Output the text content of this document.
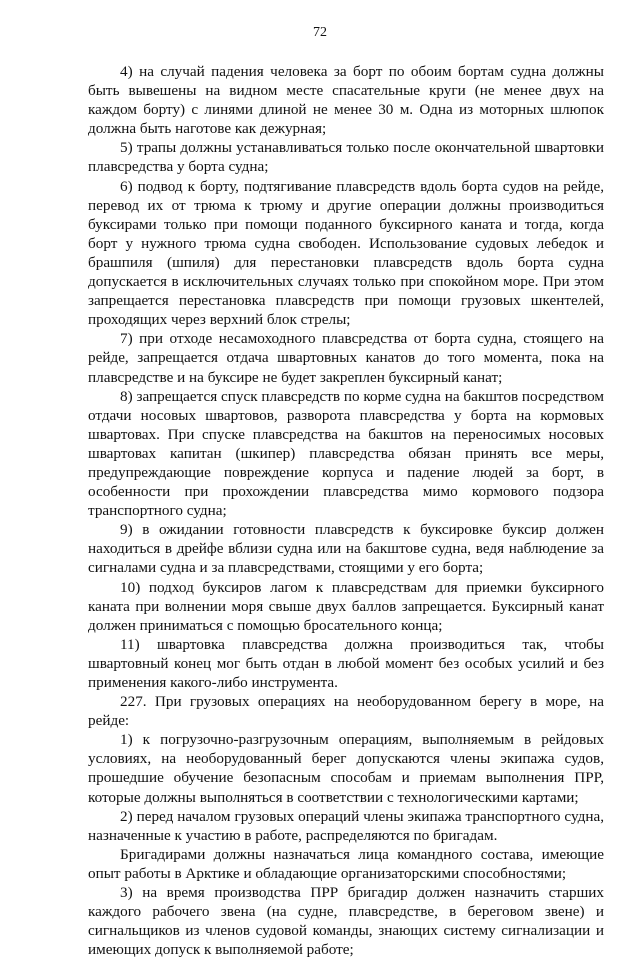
72

4) на случай падения человека за борт по обоим бортам судна должны быть вывешены на видном месте спасательные круги (не менее двух на каждом борту) с линями длиной не менее 30 м. Одна из моторных шлюпок должна быть наготове как дежурная;

5) трапы должны устанавливаться только после окончательной швартовки плавсредства у борта судна;

6) подвод к борту, подтягивание плавсредств вдоль борта судов на рейде, перевод их от трюма к трюму и другие операции должны производиться буксирами только при помощи поданного буксирного каната и тогда, когда борт у нужного трюма судна свободен. Использование судовых лебедок и брашпиля (шпиля) для перестановки плавсредств вдоль борта судна допускается в исключительных случаях только при спокойном море. При этом запрещается перестановка плавсредств при помощи грузовых шкентелей, проходящих через верхний блок стрелы;

7) при отходе несамоходного плавсредства от борта судна, стоящего на рейде, запрещается отдача швартовных канатов до того момента, пока на плавсредстве и на буксире не будет закреплен буксирный канат;

8) запрещается спуск плавсредств по корме судна на бакштов посредством отдачи носовых швартовов, разворота плавсредства у борта на кормовых швартовах. При спуске плавсредства на бакштов на переносимых носовых швартовах капитан (шкипер) плавсредства обязан принять все меры, предупреждающие повреждение корпуса и падение людей за борт, в особенности при прохождении плавсредства мимо кормового подзора транспортного судна;

9) в ожидании готовности плавсредств к буксировке буксир должен находиться в дрейфе вблизи судна или на бакштове судна, ведя наблюдение за сигналами судна и за плавсредствами, стоящими у его борта;

10) подход буксиров лагом к плавсредствам для приемки буксирного каната при волнении моря свыше двух баллов запрещается. Буксирный канат должен приниматься с помощью бросательного конца;

11) швартовка плавсредства должна производиться так, чтобы швартовный конец мог быть отдан в любой момент без особых усилий и без применения какого-либо инструмента.

227. При грузовых операциях на необорудованном берегу в море, на рейде:

1) к погрузочно-разгрузочным операциям, выполняемым в рейдовых условиях, на необорудованный берег допускаются члены экипажа судов, прошедшие обучение безопасным способам и приемам выполнения ПРР, которые должны выполняться в соответствии с технологическими картами;

2) перед началом грузовых операций члены экипажа транспортного судна, назначенные к участию в работе, распределяются по бригадам.

Бригадирами должны назначаться лица командного состава, имеющие опыт работы в Арктике и обладающие организаторскими способностями;

3) на время производства ПРР бригадир должен назначить старших каждого рабочего звена (на судне, плавсредстве, в береговом звене) и сигнальщиков из членов судовой команды, знающих систему сигнализации и имеющих допуск к выполняемой работе;
